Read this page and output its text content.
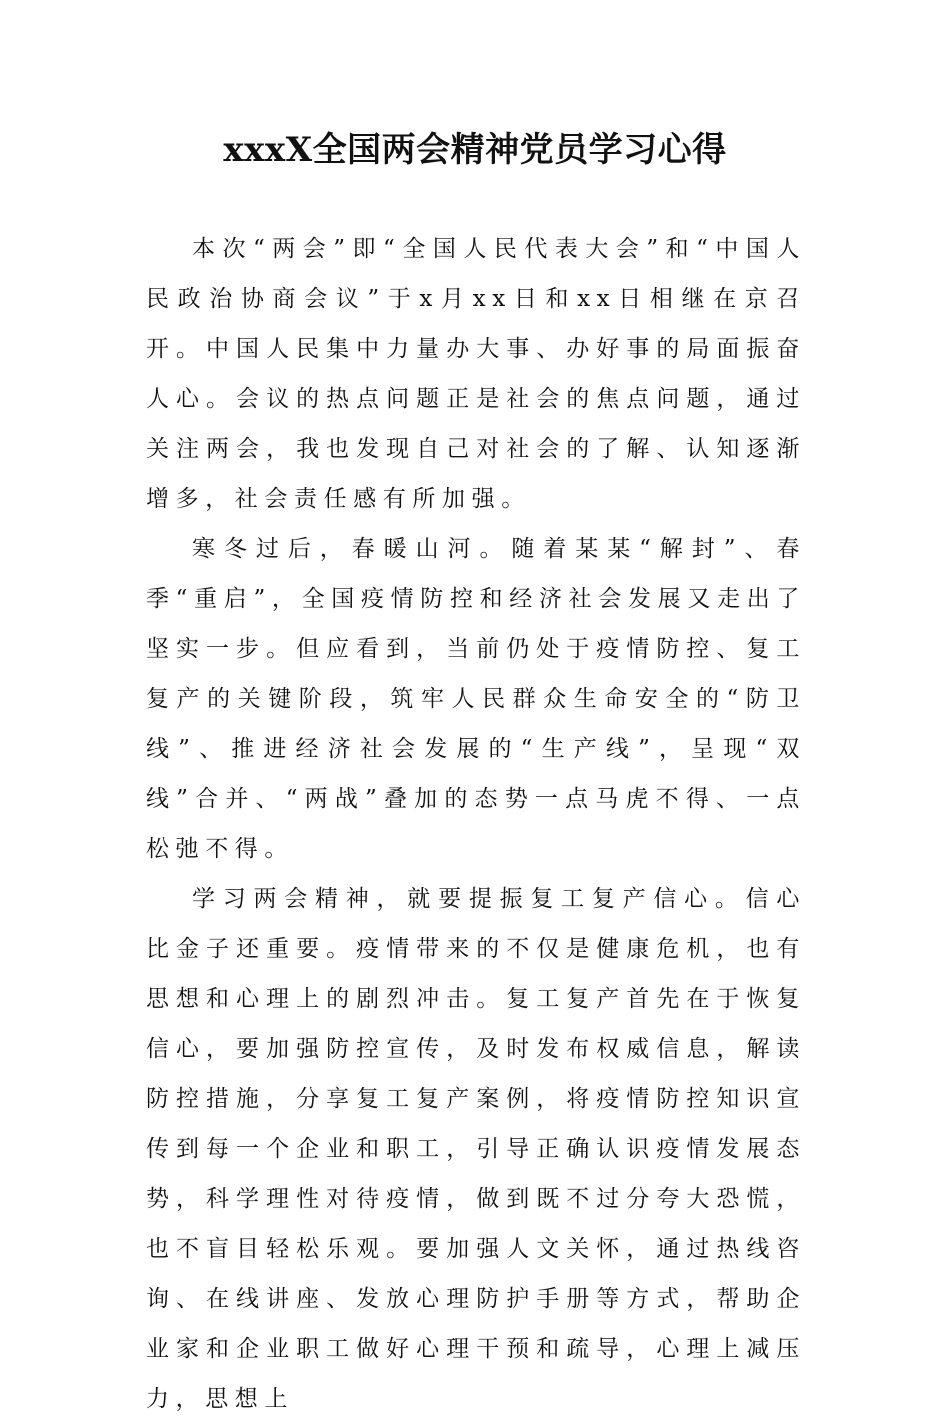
xxxX全国两会精神党员学习心得

本次“两会”即“全国人民代表大会”和“中国人民政治协商会议”于x月xx日和xx日相继在京召开。中国人民集中力量办大事、办好事的局面振奋人心。会议的热点问题正是社会的焦点问题，通过关注两会，我也发现自己对社会的了解、认知逐渐增多，社会责任感有所加强。

寒冬过后，春暖山河。随着某某“解封”、春季“重启”，全国疫情防控和经济社会发展又走出了坚实一步。但应看到，当前仍处于疫情防控、复工复产的关键阶段，筑牢人民群众生命安全的“防卫线”、推进经济社会发展的“生产线”，呈现“双线”合并、“两战”叠加的态势一点马虎不得、一点松弛不得。

学习两会精神，就要提振复工复产信心。信心比金子还重要。疫情带来的不仅是健康危机，也有思想和心理上的剧烈冲击。复工复产首先在于恢复信心，要加强防控宣传，及时发布权威信息，解读防控措施，分享复工复产案例，将疫情防控知识宣传到每一个企业和职工，引导正确认识疫情发展态势，科学理性对待疫情，做到既不过分夸大恐慌，也不盲目轻松乐观。要加强人文关怀，通过热线咨询、在线讲座、发放心理防护手册等方式，帮助企业家和企业职工做好心理干预和疏导，心理上减压力，思想上
